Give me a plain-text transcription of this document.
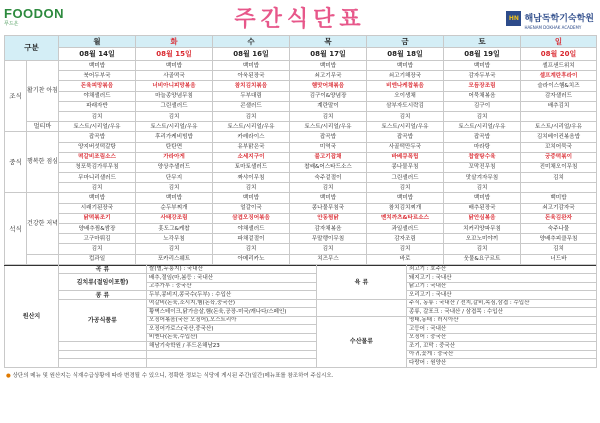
FOODON
푸드온	주간식단표	HN 해남독학기숙학원
HAENAM DOKHAK ACADEMY
구분		월	화	수	목	금	토	일
		08월 14일	08월 15일	08월 16일	08월 17일	08월 18일	08월 19일	08월 20일
조식	활기찬 아침	백미밥	백미밥	백미밥	백미밥	백미밥	백미밥	셀프샌드위치
		북어두부국	사골떡국	아욱된장국	쇠고기무국	쇠고기해장국	감자두부국	셀프계란후라이
		돈육피망볶음	너비아니피망볶음	참치김치볶음	햄맛어채볶음	비엔나케찹볶음	모듬장조림	슬라이스햄&치즈
		야채샐러드	마늘종양념무침	두부대림	김구이&양념장	오이생채	어묵채볶음	감자샐러드
		파래자반	그린샐러드	콘샐러드	계란말이	삼부자도시락김	김구이	배추김치
		김치	김치	김치	김치	김치	김치	
	멀티바	토스트/시리얼/우유	토스트/시리얼/우유	토스트/시리얼/우유	토스트/시리얼/우유	토스트/시리얼/우유	토스트/시리얼/우유	토스트/시리얼/우유
중식	행복한 점심	잡곡밥	후리가케비빔밥	카레라이스	잡곡밥	잡곡밥	잡곡밥	김치베이컨볶음밥
		양지버섯떡갈탕	탄탄면	유부맑은국	미역국	사골떡만두국	마라탕	꼬치어묵국
		떡갈비조림소스	가라아게	소세지구이	불고기잡채	바베큐폭립	찹쌀탕수육	궁중떡볶이
		청포묵김가루무침	양상추샐러드	토마토샐러드	찹쌔&어스타드소스	콩나물무침	꼬막진무침	진미채오이무침
		무마니리샐러드	단무지	짜샤이무침	숙주겉절이	그린샐러드	맛살겨자무침	김치
		김치	김치	김치	김치	김치	김치	
석식	건강한 저녁	백미밥	백미밥	백미밥	백미밥	백미밥	백미밥	백미밥
		시래기된장국	순두부찌개	얼갈이국	콩나물무침국	참치김치찌개	배추된장국	쇠고기감자국
		닭떡볶조기	사태강조림	삼겹오징어볶음	안동찜닭	멘치까츠&타르소스	닭안심볶음	돈육김완자
		양배추찜&쌈장	홋도그&케찹	야채샐러드	감자채볶음	과일샐러드	치커리양파무침	숙주나물
		고구마튀김	노각무침	파채겉절이	무말랭이무침	감자조림	오꼬노미야끼	양배추피클무침
		김치	김치	김치	김치	김치	김치	김치
		컵과일	포카리스웨트	아메리카노	치즈무스	바로	웃물&요구르트	너드바
원산지	곡 류	쌀(별,누룽지) : 국내산	육 류	쇠고기 : 호주산
	김치류(절임이포함)	배추,절임(마,봄등 : 국내산		돼지고기 : 국내산
		고추가루 : 중국산		닭고기 : 국내산
	콩 류	두부,콩비지,콩국수(두부) : 수입산		오리고기 : 국내산
	가공식품류	떡갈비(돈육,소시지,햄(돈육,중국산)		주식, 동류 : 국내산 / 전지,갈비,목심,삼겹 : 수입산
		황벽스테이크,닭가슴살,햄(돈육,공장-미국/캐나다/스페인)		종류, 갈포크 : 국내산 / 삼겹목 : 수입산
		오징어볶음(국산 오징어),오스트리아	수산물류	명태,동태 : 러시아산
		오징어가로스(국산,중국산)		고등어 : 국내산
		비엔나(돈육,수입산)		오징어 : 중국산
		해남기숙학원 / 푸드온해남23		조기, 꼬막 : 중국산
				아귀,꽃게 : 중국산
				다랑어 : 원양산
● 상단의 메뉴 및 원산지는 식재수급상황에 따라 변경될 수 있으니, 정확한 정보는 식당에 게시된 주간(일간)메뉴표를 참조하여 주십시오.
